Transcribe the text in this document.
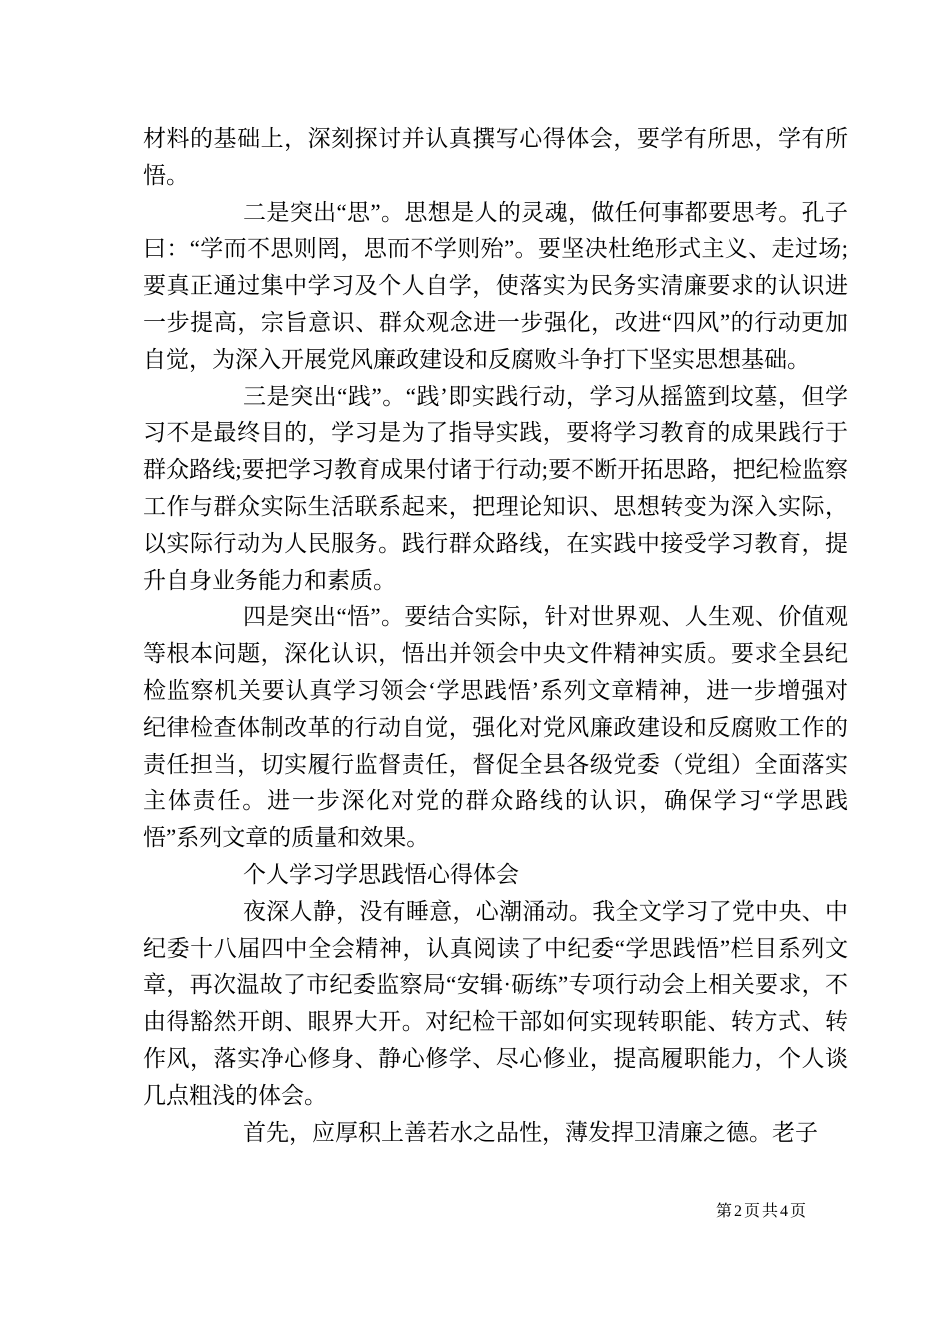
材料的基础上，深刻探讨并认真撰写心得体会，要学有所思，学有所悟。

二是突出“思”。思想是人的灵魂，做任何事都要思考。孔子曰：“学而不思则罔，思而不学则殆”。要坚决杜绝形式主义、走过场;要真正通过集中学习及个人自学，使落实为民务实清廉要求的认识进一步提高，宗旨意识、群众观念进一步强化，改进“四风”的行动更加自觉，为深入开展党风廉政建设和反腐败斗争打下坚实思想基础。

三是突出“践”。“践’即实践行动，学习从摇篮到坟墓，但学习不是最终目的，学习是为了指导实践，要将学习教育的成果践行于群众路线;要把学习教育成果付诸于行动;要不断开拓思路，把纪检监察工作与群众实际生活联系起来，把理论知识、思想转变为深入实际，以实际行动为人民服务。践行群众路线，在实践中接受学习教育，提升自身业务能力和素质。

四是突出“悟”。要结合实际，针对世界观、人生观、价值观等根本问题，深化认识，悟出并领会中央文件精神实质。要求全县纪检监察机关要认真学习领会‘学思践悟’系列文章精神，进一步增强对纪律检查体制改革的行动自觉，强化对党风廉政建设和反腐败工作的责任担当，切实履行监督责任，督促全县各级党委（党组）全面落实主体责任。进一步深化对党的群众路线的认识，确保学习“学思践悟”系列文章的质量和效果。

个人学习学思践悟心得体会

夜深人静，没有睡意，心潮涌动。我全文学习了党中央、中纪委十八届四中全会精神，认真阅读了中纪委“学思践悟”栏目系列文章，再次温故了市纪委监察局“安辑·砺练”专项行动会上相关要求，不由得豁然开朗、眼界大开。对纪检干部如何实现转职能、转方式、转作风，落实净心修身、静心修学、尽心修业，提高履职能力，个人谈几点粗浅的体会。

首先，应厚积上善若水之品性，薄发捍卫清廉之德。老子

第2页共4页
